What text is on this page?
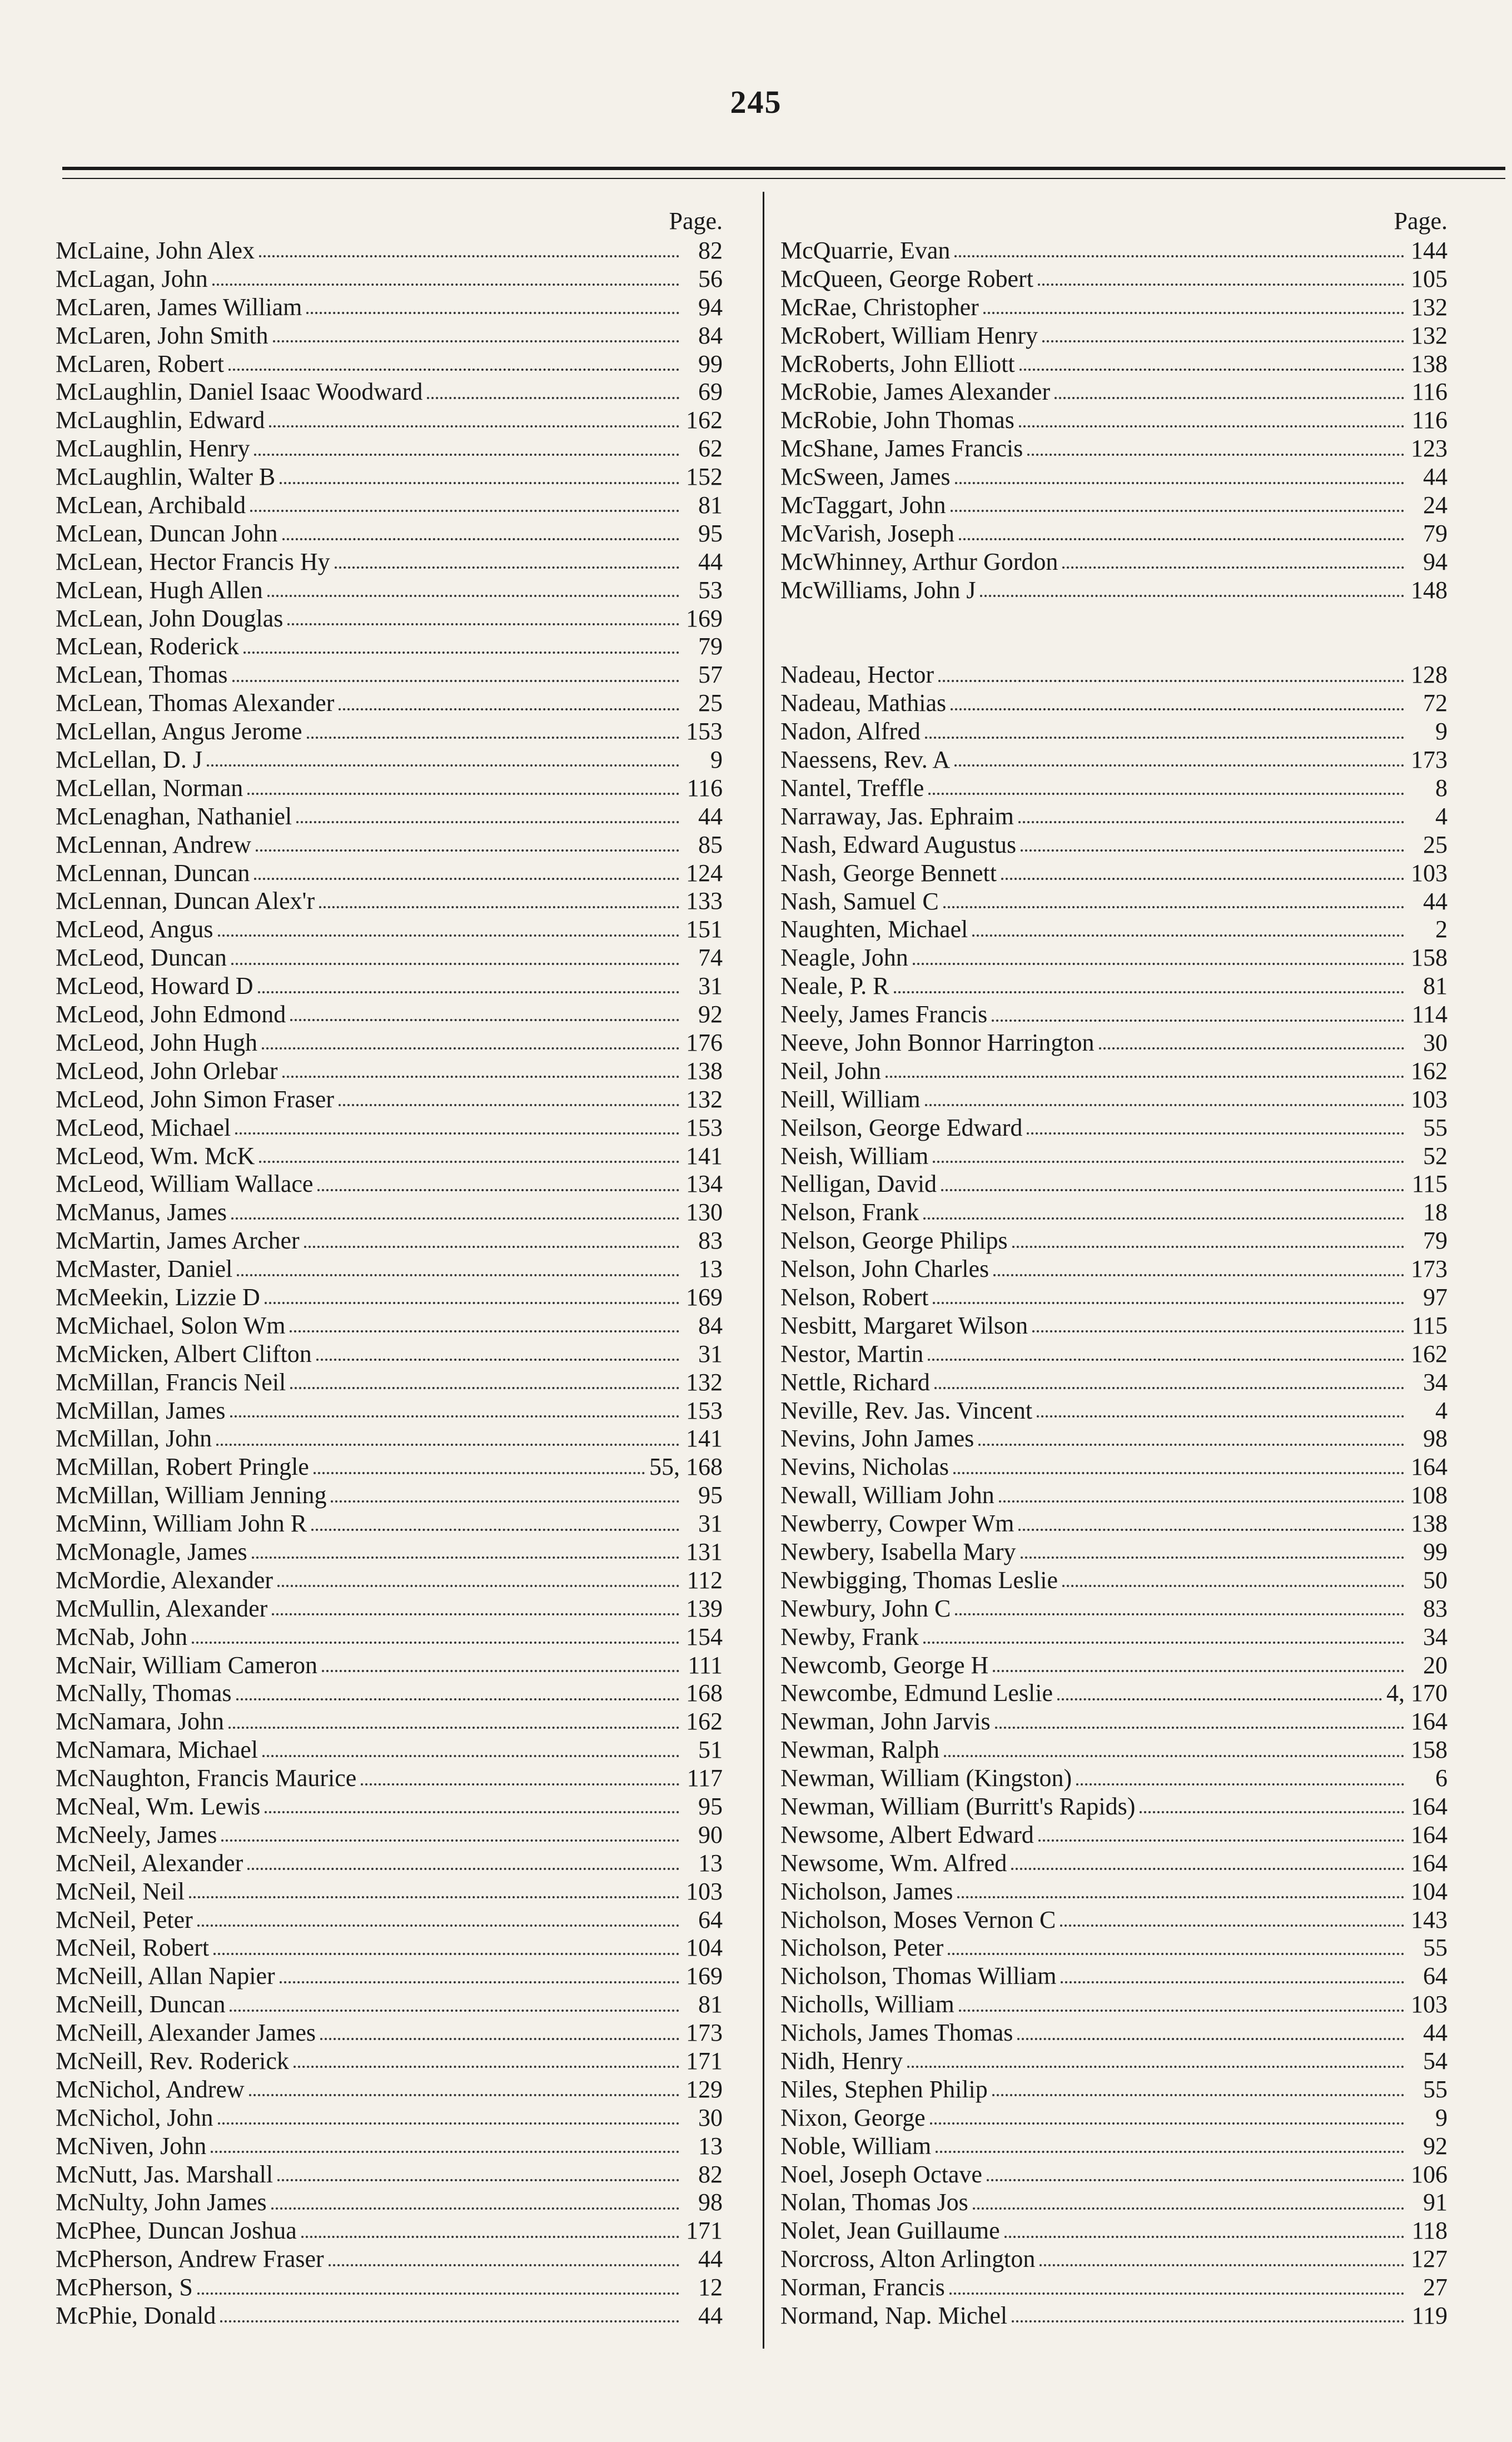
245
Page.
McLaine, John Alex	82
McLagan, John	56
McLaren, James William	94
McLaren, John Smith	84
McLaren, Robert	99
McLaughlin, Daniel Isaac Woodward	69
McLaughlin, Edward	162
McLaughlin, Henry	62
McLaughlin, Walter B	152
McLean, Archibald	81
McLean, Duncan John	95
McLean, Hector Francis Hy	44
McLean, Hugh Allen	53
McLean, John Douglas	169
McLean, Roderick	79
McLean, Thomas	57
McLean, Thomas Alexander	25
McLellan, Angus Jerome	153
McLellan, D. J	9
McLellan, Norman	116
McLenaghan, Nathaniel	44
McLennan, Andrew	85
McLennan, Duncan	124
McLennan, Duncan Alex'r	133
McLeod, Angus	151
McLeod, Duncan	74
McLeod, Howard D	31
McLeod, John Edmond	92
McLeod, John Hugh	176
McLeod, John Orlebar	138
McLeod, John Simon Fraser	132
McLeod, Michael	153
McLeod, Wm. McK	141
McLeod, William Wallace	134
McManus, James	130
McMartin, James Archer	83
McMaster, Daniel	13
McMeekin, Lizzie D	169
McMichael, Solon Wm	84
McMicken, Albert Clifton	31
McMillan, Francis Neil	132
McMillan, James	153
McMillan, John	141
McMillan, Robert Pringle	55, 168
McMillan, William Jenning	95
McMinn, William John R	31
McMonagle, James	131
McMordie, Alexander	112
McMullin, Alexander	139
McNab, John	154
McNair, William Cameron	111
McNally, Thomas	168
McNamara, John	162
McNamara, Michael	51
McNaughton, Francis Maurice	117
McNeal, Wm. Lewis	95
McNeely, James	90
McNeil, Alexander	13
McNeil, Neil	103
McNeil, Peter	64
McNeil, Robert	104
McNeill, Allan Napier	169
McNeill, Duncan	81
McNeill, Alexander James	173
McNeill, Rev. Roderick	171
McNichol, Andrew	129
McNichol, John	30
McNiven, John	13
McNutt, Jas. Marshall	82
McNulty, John James	98
McPhee, Duncan Joshua	171
McPherson, Andrew Fraser	44
McPherson, S	12
McPhie, Donald	44
Page.
McQuarrie, Evan	144
McQueen, George Robert	105
McRae, Christopher	132
McRobert, William Henry	132
McRoberts, John Elliott	138
McRobie, James Alexander	116
McRobie, John Thomas	116
McShane, James Francis	123
McSween, James	44
McTaggart, John	24
McVarish, Joseph	79
McWhinney, Arthur Gordon	94
McWilliams, John J	148
Nadeau, Hector	128
Nadeau, Mathias	72
Nadon, Alfred	9
Naessens, Rev. A	173
Nantel, Treffle	8
Narraway, Jas. Ephraim	4
Nash, Edward Augustus	25
Nash, George Bennett	103
Nash, Samuel C	44
Naughten, Michael	2
Neagle, John	158
Neale, P. R	81
Neely, James Francis	114
Neeve, John Bonnor Harrington	30
Neil, John	162
Neill, William	103
Neilson, George Edward	55
Neish, William	52
Nelligan, David	115
Nelson, Frank	18
Nelson, George Philips	79
Nelson, John Charles	173
Nelson, Robert	97
Nesbitt, Margaret Wilson	115
Nestor, Martin	162
Nettle, Richard	34
Neville, Rev. Jas. Vincent	4
Nevins, John James	98
Nevins, Nicholas	164
Newall, William John	108
Newberry, Cowper Wm	138
Newbery, Isabella Mary	99
Newbigging, Thomas Leslie	50
Newbury, John C	83
Newby, Frank	34
Newcomb, George H	20
Newcombe, Edmund Leslie	4, 170
Newman, John Jarvis	164
Newman, Ralph	158
Newman, William (Kingston)	6
Newman, William (Burritt's Rapids)	164
Newsome, Albert Edward	164
Newsome, Wm. Alfred	164
Nicholson, James	104
Nicholson, Moses Vernon C	143
Nicholson, Peter	55
Nicholson, Thomas William	64
Nicholls, William	103
Nichols, James Thomas	44
Nidh, Henry	54
Niles, Stephen Philip	55
Nixon, George	9
Noble, William	92
Noel, Joseph Octave	106
Nolan, Thomas Jos	91
Nolet, Jean Guillaume	118
Norcross, Alton Arlington	127
Norman, Francis	27
Normand, Nap. Michel	119
